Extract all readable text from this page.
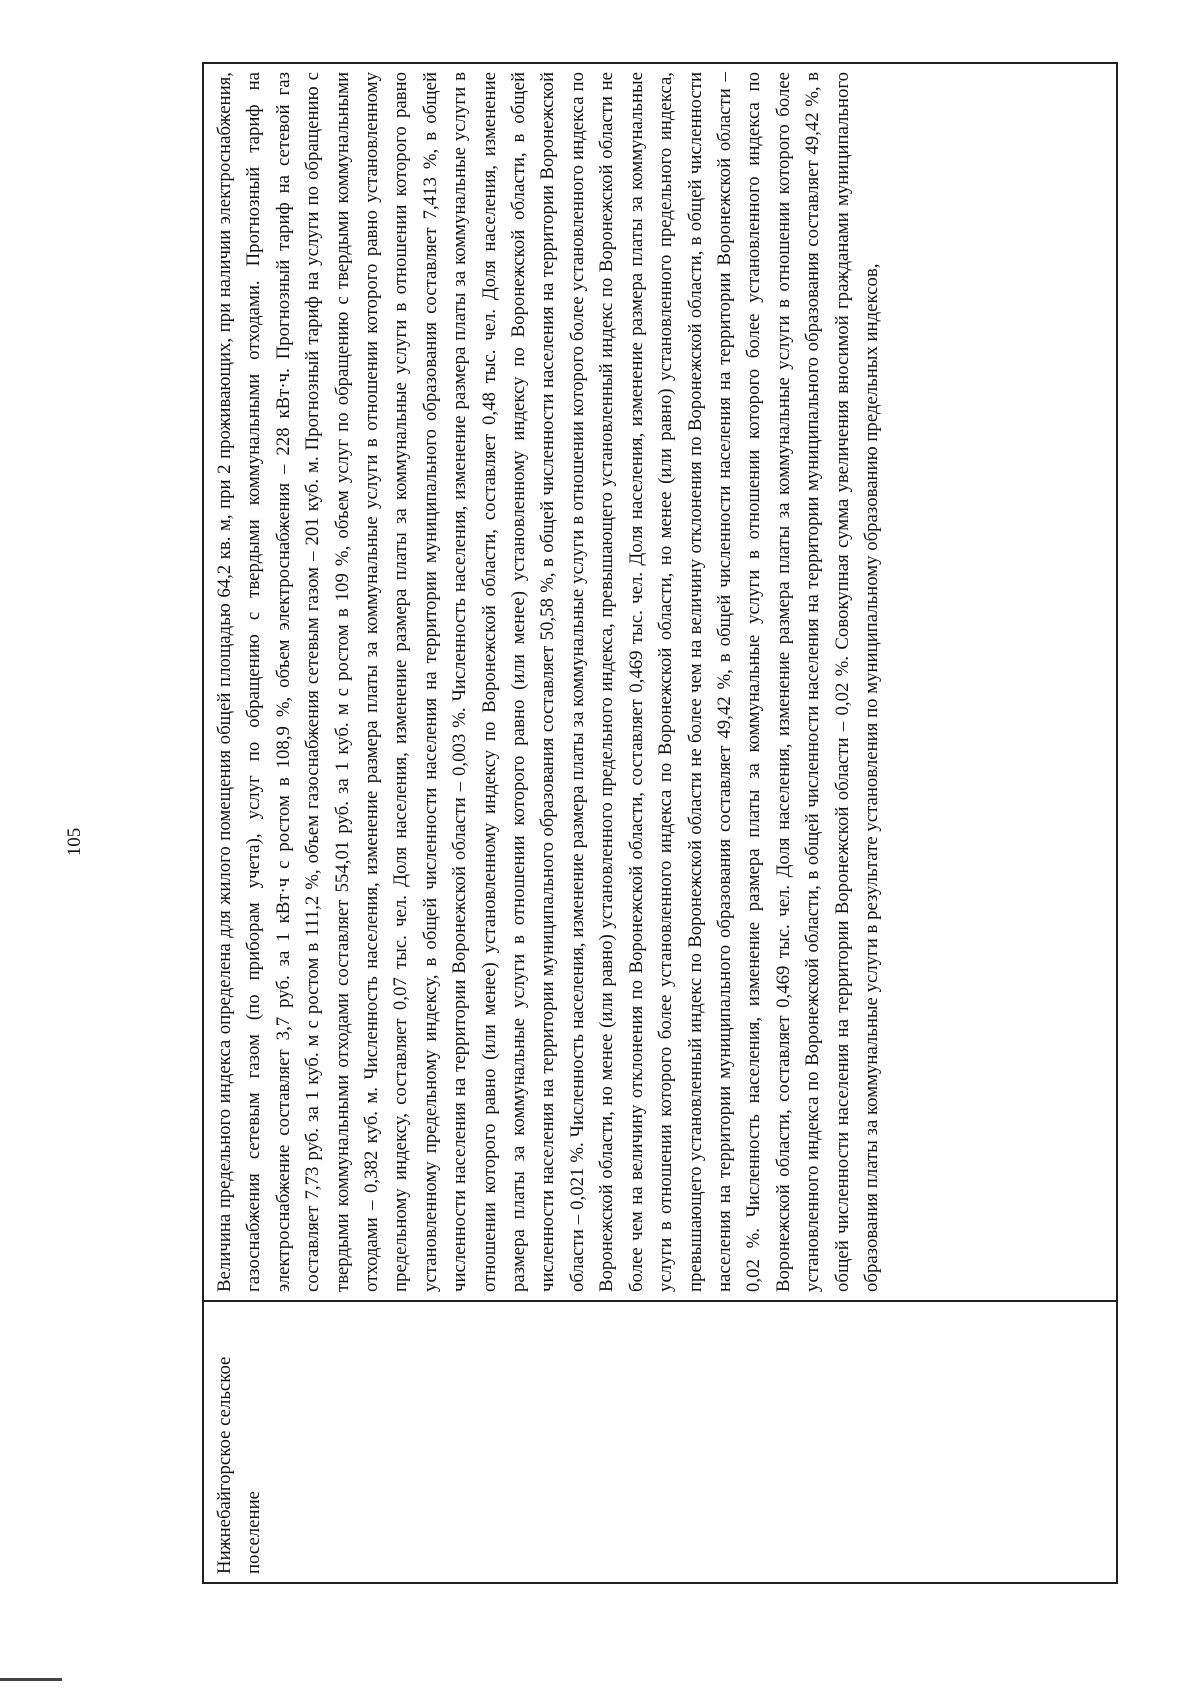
105
Нижнебайгорское сельское поселение	Величина предельного индекса определена для жилого помещения общей площадью 64,2 кв. м, при 2 проживающих, при наличии электроснабжения, газоснабжения сетевым газом (по приборам учета), услуг по обращению с твердыми коммунальными отходами. Прогнозный тариф на электроснабжение составляет 3,7 руб. за 1 кВт·ч с ростом в 108,9 %, объем электроснабжения – 228 кВт·ч. Прогнозный тариф на сетевой газ составляет 7,73 руб. за 1 куб. м с ростом в 111,2 %, объем газоснабжения сетевым газом – 201 куб. м. Прогнозный тариф на услуги по обращению с твердыми коммунальными отходами составляет 554,01 руб. за 1 куб. м с ростом в 109 %, объем услуг по обращению с твердыми коммунальными отходами – 0,382 куб. м. Численность населения, изменение размера платы за коммунальные услуги в отношении которого равно установленному предельному индексу, составляет 0,07 тыс. чел. Доля населения, изменение размера платы за коммунальные услуги в отношении которого равно установленному предельному индексу, в общей численности населения на территории муниципального образования составляет 7,413 %, в общей численности населения на территории Воронежской области – 0,003 %. Численность населения, изменение размера платы за коммунальные услуги в отношении которого равно (или менее) установленному индексу по Воронежской области, составляет 0,48 тыс. чел. Доля населения, изменение размера платы за коммунальные услуги в отношении которого равно (или менее) установленному индексу по Воронежской области, в общей численности населения на территории муниципального образования составляет 50,58 %, в общей численности населения на территории Воронежской области – 0,021 %. Численность населения, изменение размера платы за коммунальные услуги в отношении которого более установленного индекса по Воронежской области, но менее (или равно) установленного предельного индекса, превышающего установленный индекс по Воронежской области не более чем на величину отклонения по Воронежской области, составляет 0,469 тыс. чел. Доля населения, изменение размера платы за коммунальные услуги в отношении которого более установленного индекса по Воронежской области, но менее (или равно) установленного предельного индекса, превышающего установленный индекс по Воронежской области не более чем на величину отклонения по Воронежской области, в общей численности населения на территории муниципального образования составляет 49,42 %, в общей численности населения на территории Воронежской области – 0,02 %. Численность населения, изменение размера платы за коммунальные услуги в отношении которого более установленного индекса по Воронежской области, составляет 0,469 тыс. чел. Доля населения, изменение размера платы за коммунальные услуги в отношении которого более установленного индекса по Воронежской области, в общей численности населения на территории муниципального образования составляет 49,42 %, в общей численности населения на территории Воронежской области – 0,02 %. Совокупная сумма увеличения вносимой гражданами муниципального образования платы за коммунальные услуги в результате установления по муниципальному образованию предельных индексов,
